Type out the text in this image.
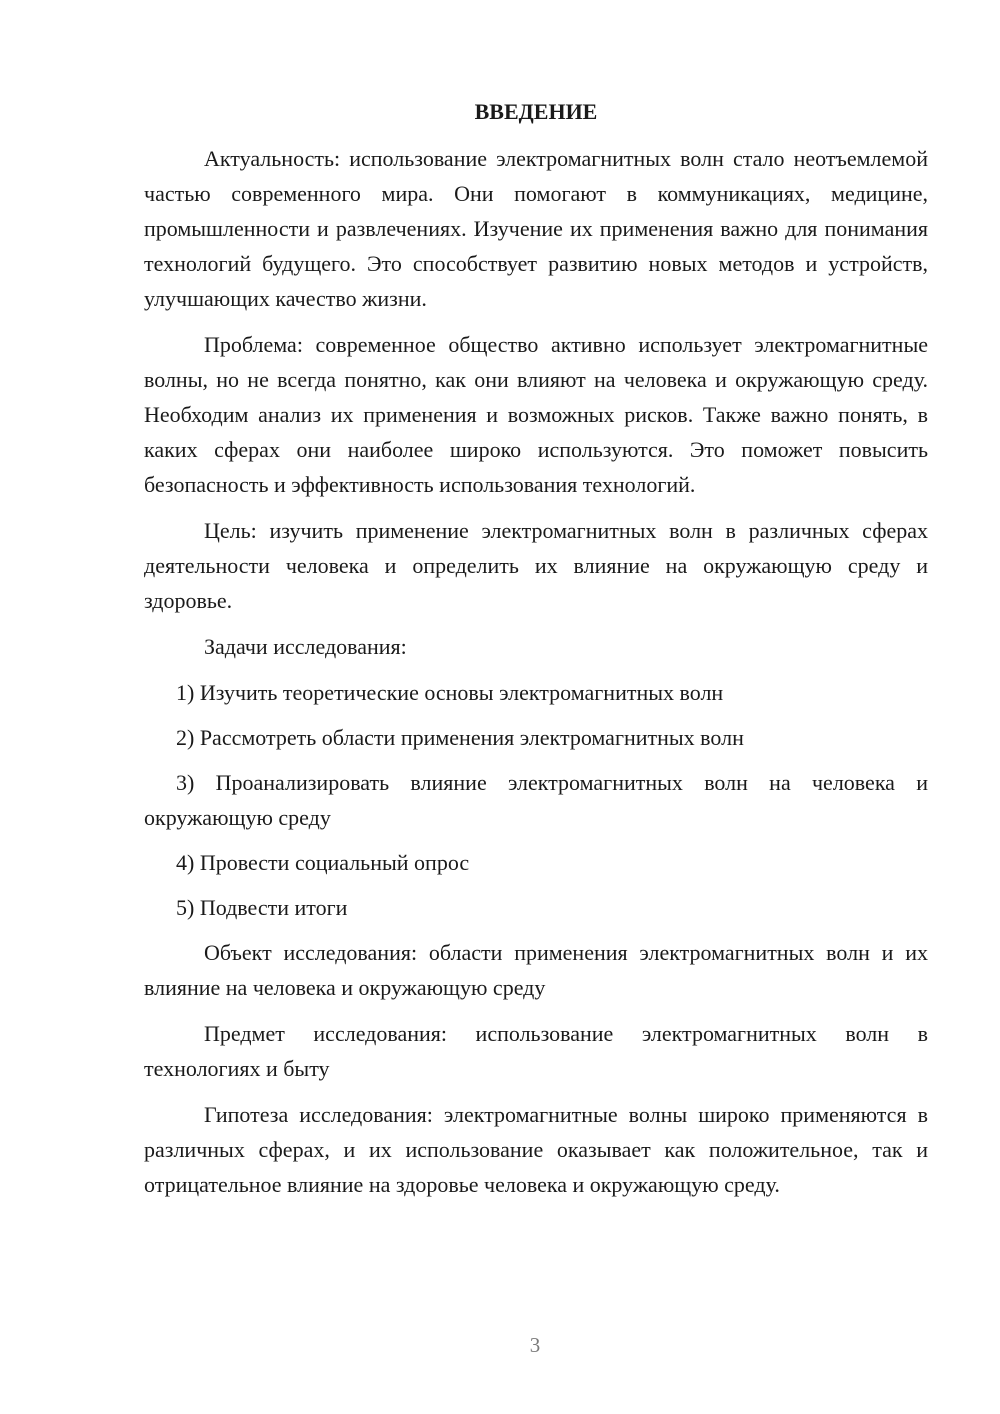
ВВЕДЕНИЕ

Актуальность: использование электромагнитных волн стало неотъемлемой частью современного мира. Они помогают в коммуникациях, медицине, промышленности и развлечениях. Изучение их применения важно для понимания технологий будущего. Это способствует развитию новых методов и устройств, улучшающих качество жизни.

Проблема: современное общество активно использует электромагнитные волны, но не всегда понятно, как они влияют на человека и окружающую среду. Необходим анализ их применения и возможных рисков. Также важно понять, в каких сферах они наиболее широко используются. Это поможет повысить безопасность и эффективность использования технологий.

Цель: изучить применение электромагнитных волн в различных сферах деятельности человека и определить их влияние на окружающую среду и здоровье.

Задачи исследования:

1) Изучить теоретические основы электромагнитных волн

2) Рассмотреть области применения электромагнитных волн

3) Проанализировать влияние электромагнитных волн на человека и окружающую среду

4) Провести социальный опрос

5) Подвести итоги

Объект исследования: области применения электромагнитных волн и их влияние на человека и окружающую среду

Предмет исследования: использование электромагнитных волн в технологиях и быту

Гипотеза исследования: электромагнитные волны широко применяются в различных сферах, и их использование оказывает как положительное, так и отрицательное влияние на здоровье человека и окружающую среду.

3
